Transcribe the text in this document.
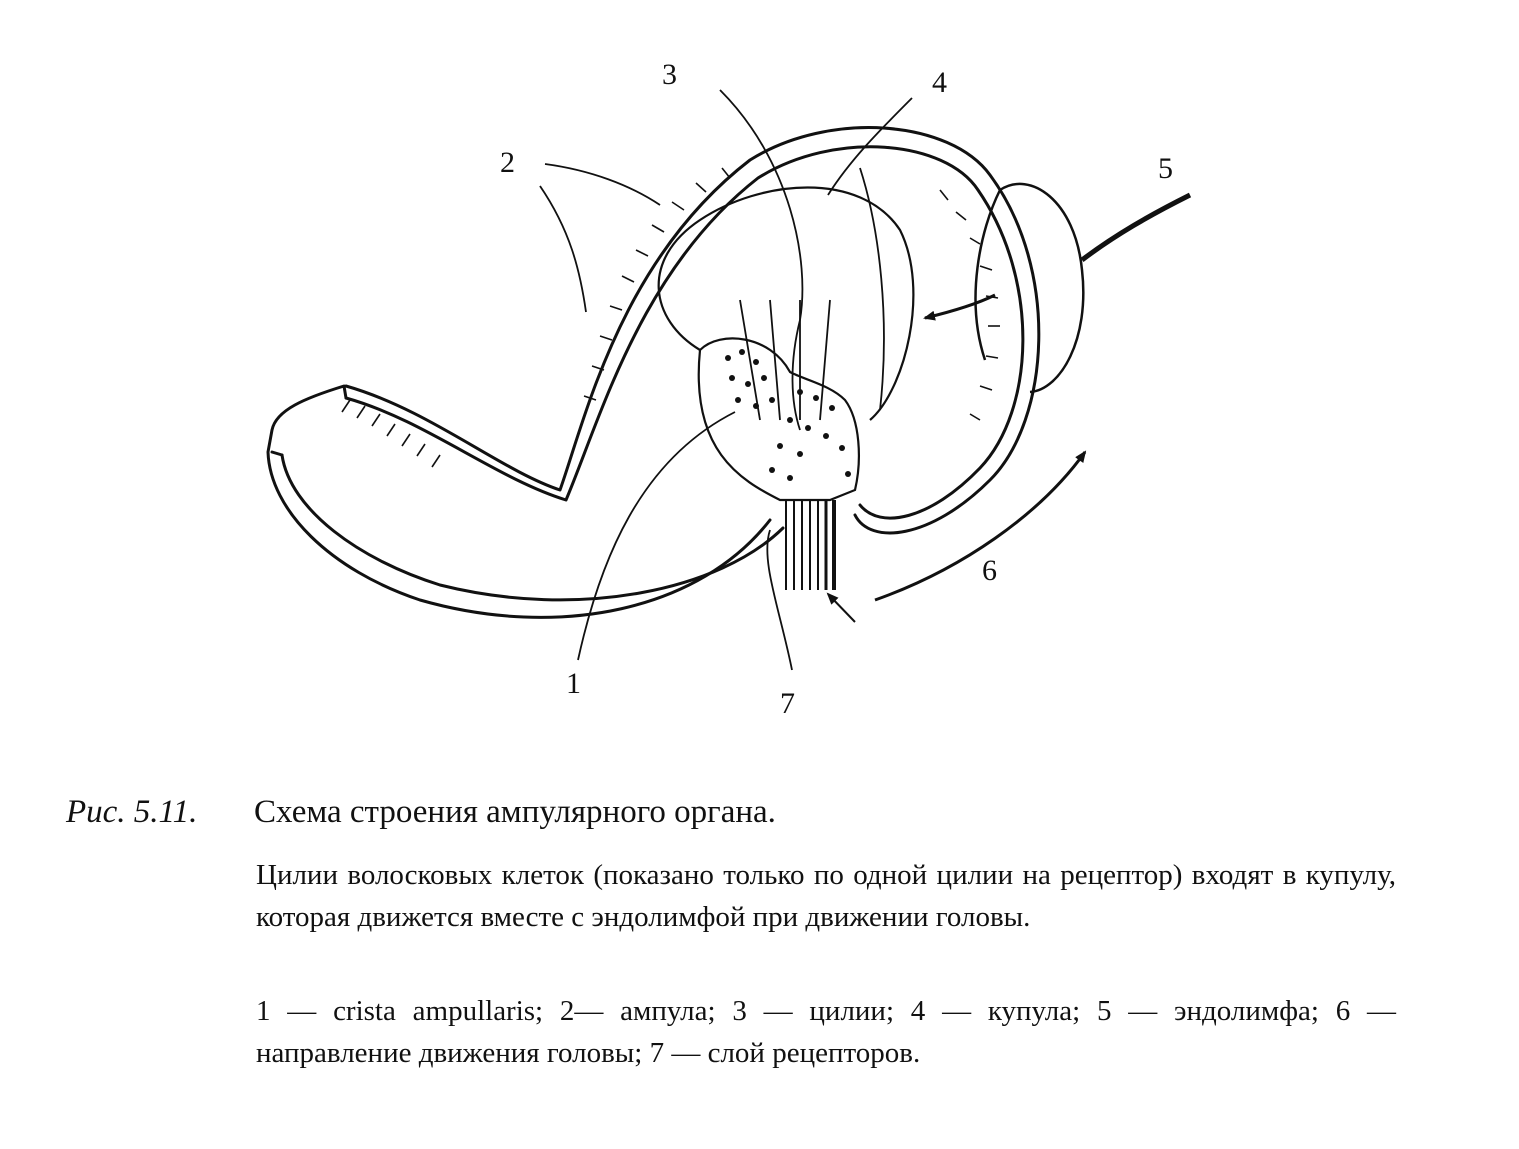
1
2
3	4
5
6
7
Рис. 5.11. Схема строения ампулярного органа.
Цилии волосковых клеток (показано только по одной цилии на рецептор) входят в купулу, которая движется вместе с эндолимфой при движении головы.
1 — crista ampullaris; 2— ампула; 3 — цилии; 4 — купула; 5 — эндолимфа; 6 — направление движения головы; 7 — слой рецепторов.
